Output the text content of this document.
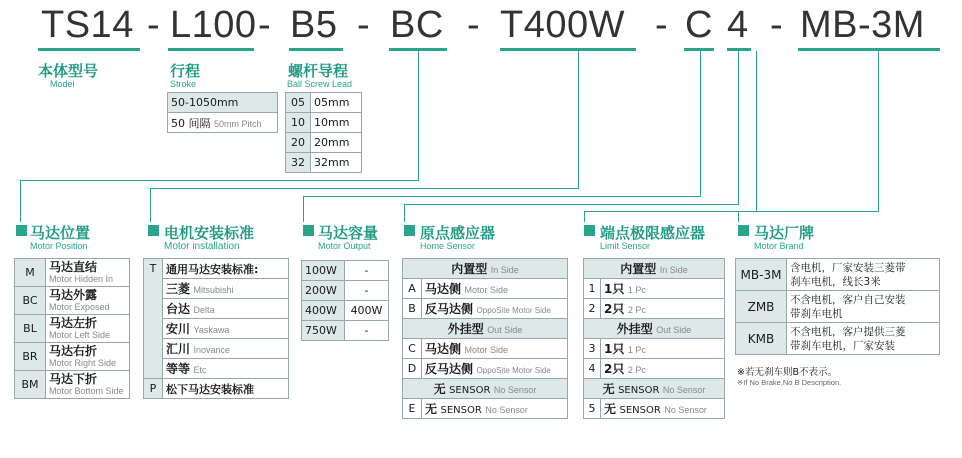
TS14 - L100 - B5 - BC - T400W - C 4 - MB-3M
本体型号
Model
行程
Stroke
50-1050mm
50 间隔 50mm Pitch
螺杆导程
Ball Screw Lead
05	05mm
10	10mm
20	20mm
32	32mm
马达位置
Motor Position
M	马达直结
Motor Hidden In

BC	马达外露
Motor Exposed

BL	马达左折
Motor Left Side

BR	马达右折
Motor Right Side

BM	马达下折
Motor Bottom Side
电机安装标准
Motor installation
T	通用马达安装标准:
	三菱 Mitsubishi
	台达 Delta
	安川 Yaskawa
	汇川 Inovance
	等等 Etc
P	松下马达安装标准
马达容量
Motor Output
100W	-
200W	-
400W	400W
750W	-
原点感应器
Home Sensor
内置型 In Side	
A	马达侧 Motor Side
B	反马达侧 OppoSite Motor Side
外挂型 Out Side	
C	马达侧 Motor Side
D	反马达侧 OppoSite Motor Side
无 SENSOR No Sensor	
E	无 SENSOR No Sensor
端点极限感应器
Limit Sensor
内置型 In Side	
1	1只 1 Pc
2	2只 2 Pc
外挂型 Out Side	
3	1只 1 Pc
4	2只 2 Pc
无 SENSOR No Sensor	
5	无 SENSOR No Sensor
马达厂牌
Motor Brand
MB-3M	含电机，厂家安装三菱带
刹车电机，线长3米

ZMB	不含电机，客户自己安装
带刹车电机

KMB	不含电机，客户提供三菱
带刹车电机，厂家安装
※若无刹车则B不表示。
※If No Brake,No B Description.
